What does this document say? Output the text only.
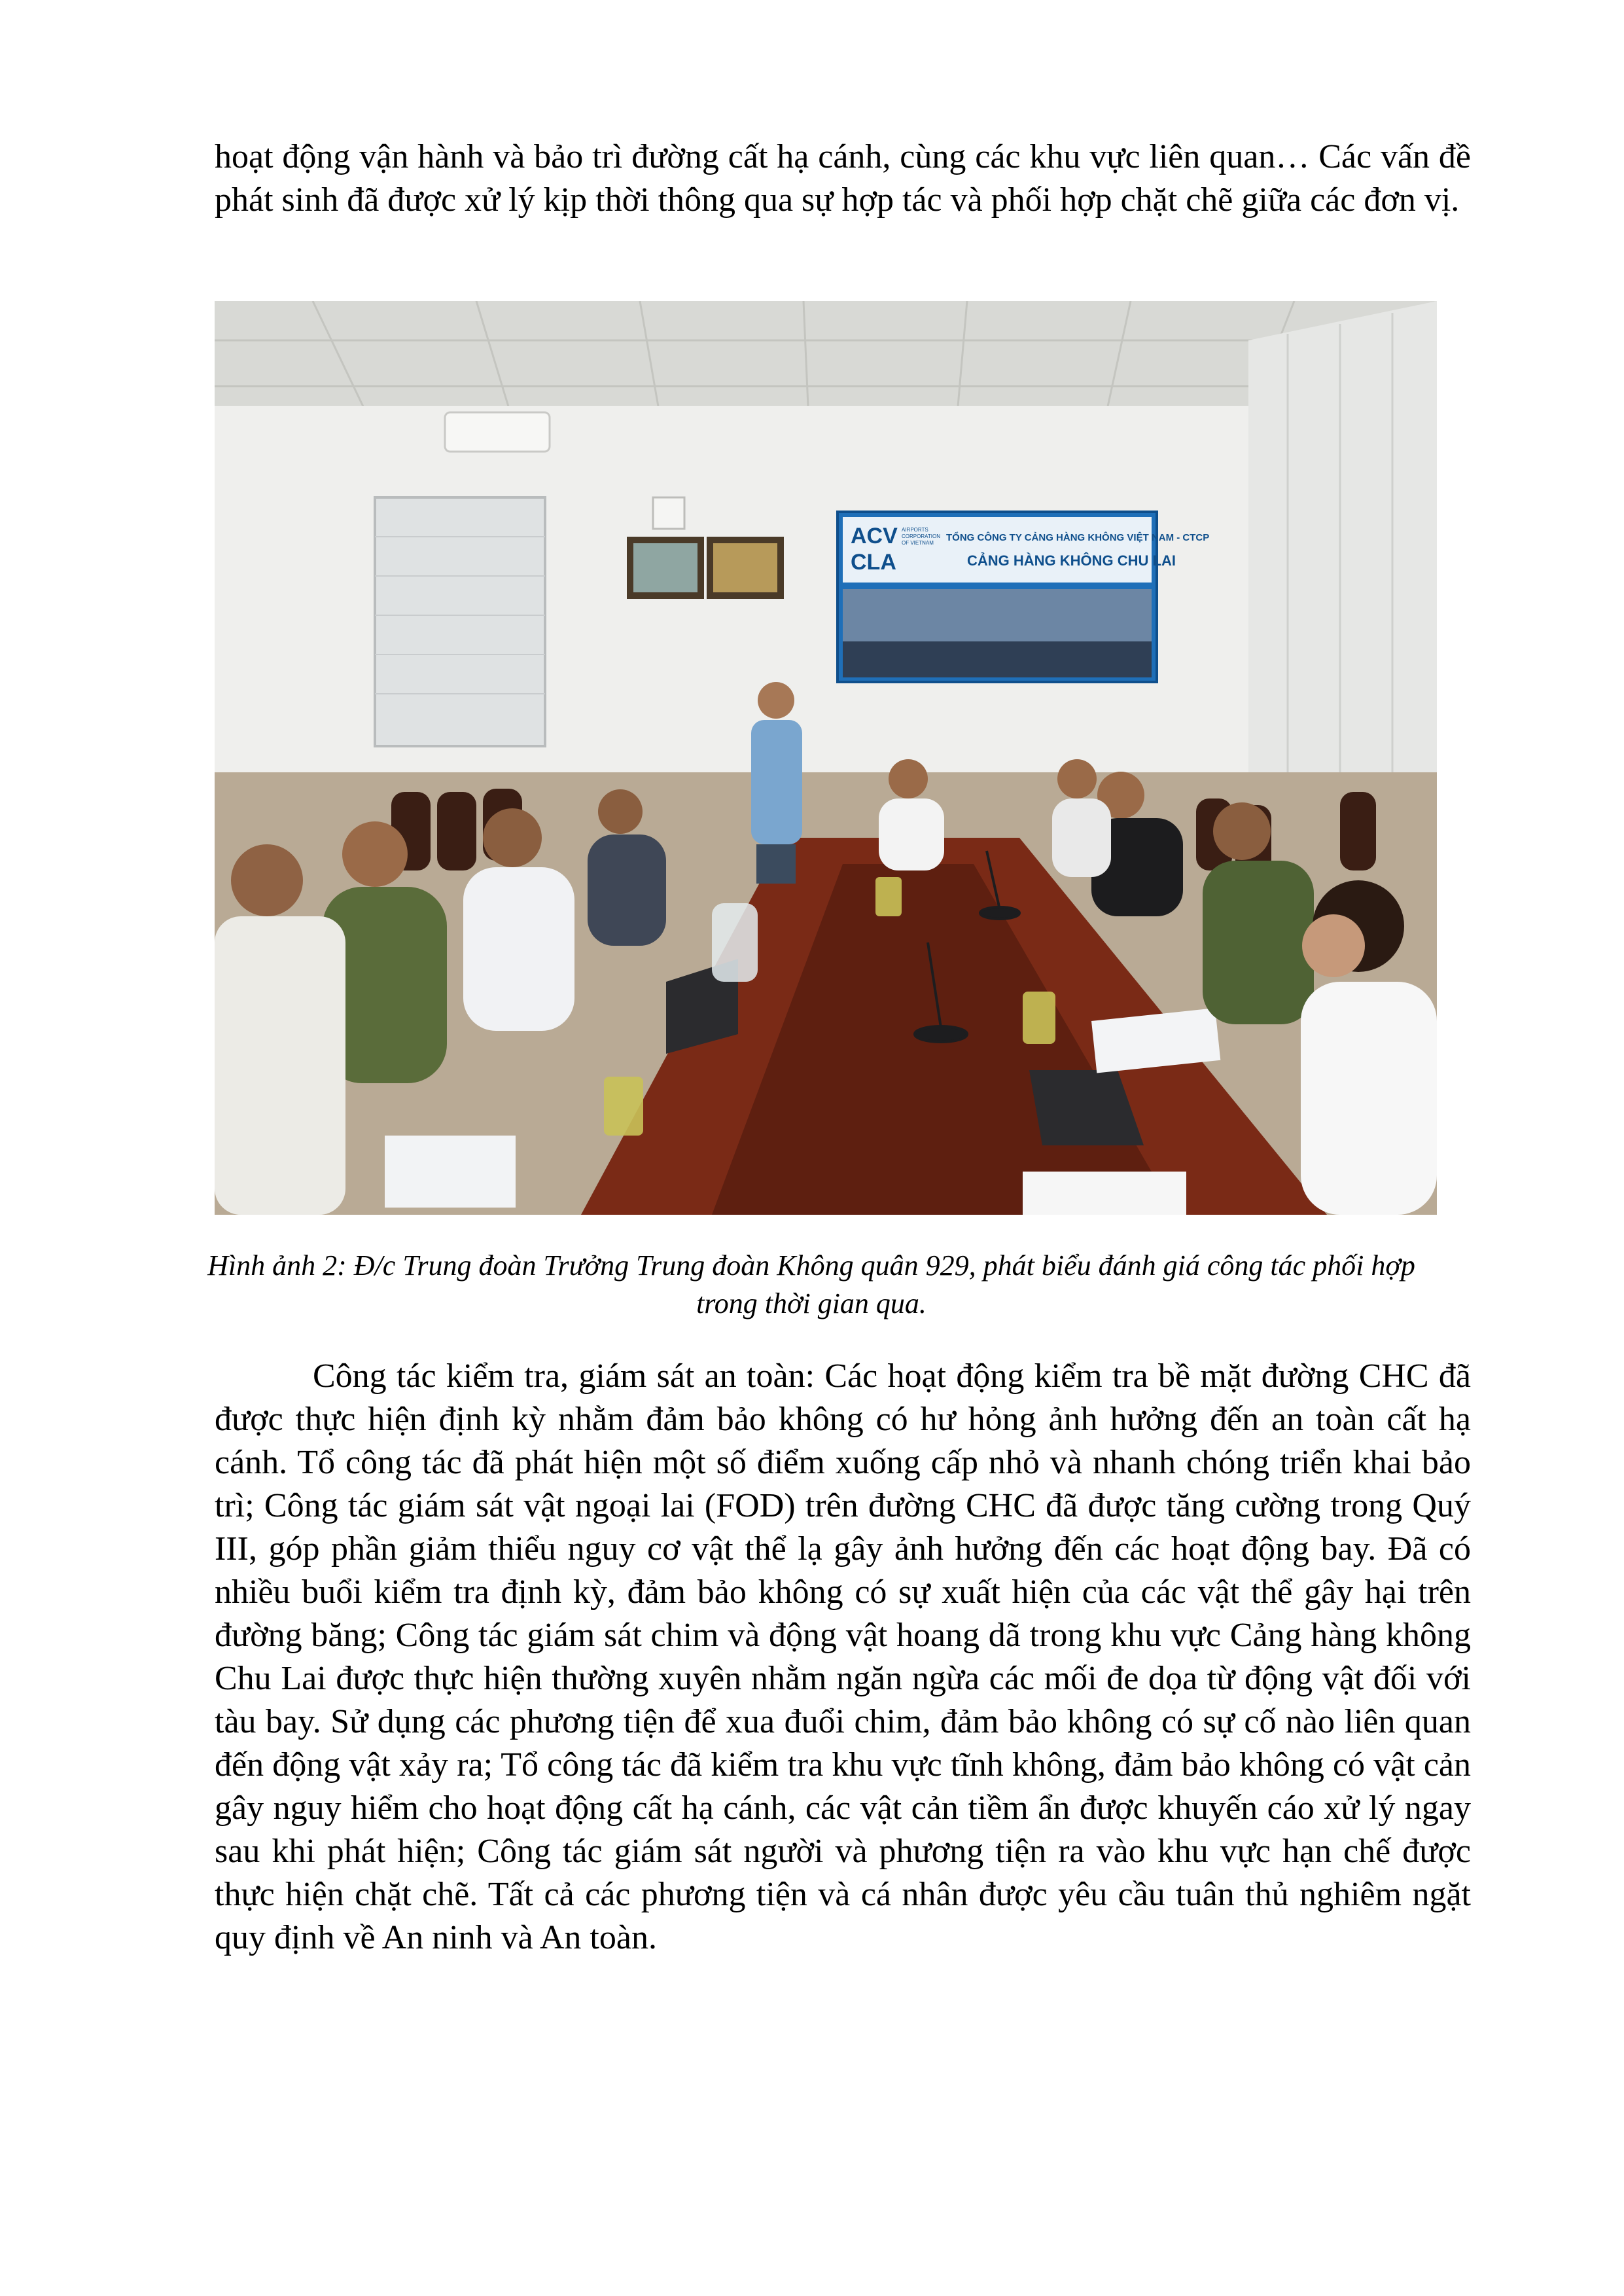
hoạt động vận hành và bảo trì đường cất hạ cánh, cùng các khu vực liên quan… Các vấn đề phát sinh đã được xử lý kịp thời thông qua sự hợp tác và phối hợp chặt chẽ giữa các đơn vị.

ACV
CLA
AIRPORTS
CORPORATION
OF VIETNAM TỔNG CÔNG TY CẢNG HÀNG KHÔNG VIỆT NAM - CTCP
CẢNG HÀNG KHÔNG CHU LAI

Hình ảnh 2: Đ/c Trung đoàn Trưởng Trung đoàn Không quân 929, phát biểu đánh giá công tác phối hợp trong thời gian qua.

Công tác kiểm tra, giám sát an toàn: Các hoạt động kiểm tra bề mặt đường CHC đã được thực hiện định kỳ nhằm đảm bảo không có hư hỏng ảnh hưởng đến an toàn cất hạ cánh. Tổ công tác đã phát hiện một số điểm xuống cấp nhỏ và nhanh chóng triển khai bảo trì; Công tác giám sát vật ngoại lai (FOD) trên đường CHC đã được tăng cường trong Quý III, góp phần giảm thiểu nguy cơ vật thể lạ gây ảnh hưởng đến các hoạt động bay. Đã có nhiều buổi kiểm tra định kỳ, đảm bảo không có sự xuất hiện của các vật thể gây hại trên đường băng; Công tác giám sát chim và động vật hoang dã trong khu vực Cảng hàng không Chu Lai được thực hiện thường xuyên nhằm ngăn ngừa các mối đe dọa từ động vật đối với tàu bay. Sử dụng các phương tiện để xua đuổi chim, đảm bảo không có sự cố nào liên quan đến động vật xảy ra; Tổ công tác đã kiểm tra khu vực tĩnh không, đảm bảo không có vật cản gây nguy hiểm cho hoạt động cất hạ cánh, các vật cản tiềm ẩn được khuyến cáo xử lý ngay sau khi phát hiện; Công tác giám sát người và phương tiện ra vào khu vực hạn chế được thực hiện chặt chẽ. Tất cả các phương tiện và cá nhân được yêu cầu tuân thủ nghiêm ngặt quy định về An ninh và An toàn.
